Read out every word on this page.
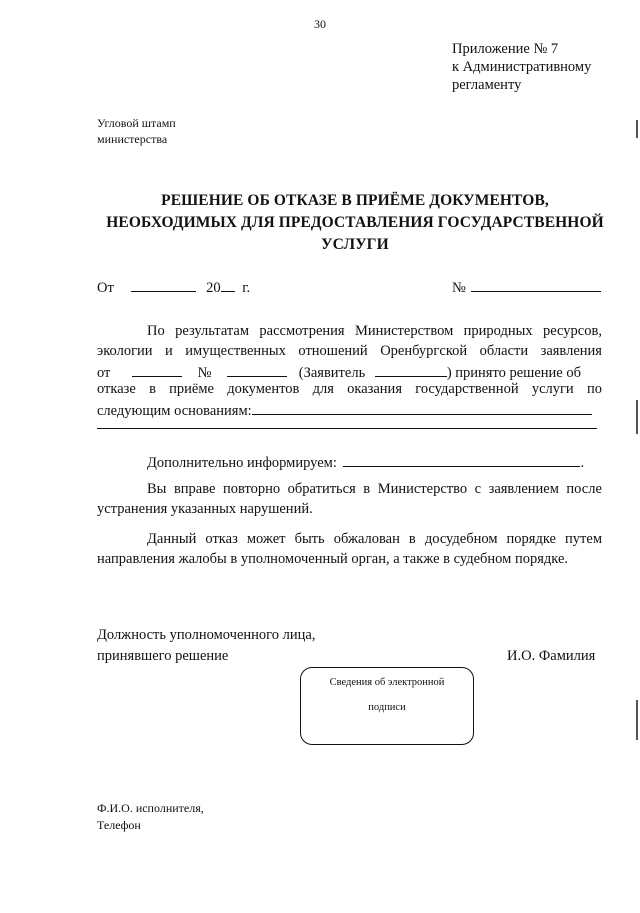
30
Приложение № 7
к Административному
регламенту
Угловой штамп
министерства
РЕШЕНИЕ ОБ ОТКАЗЕ В ПРИЁМЕ ДОКУМЕНТОВ,
НЕОБХОДИМЫХ ДЛЯ ПРЕДОСТАВЛЕНИЯ ГОСУДАРСТВЕННОЙ
УСЛУГИ
От	20 г.	№
По результатам рассмотрения Министерством природных ресурсов,
экологии и имущественных отношений Оренбургской области заявления
от	№	(Заявитель	) принято решение об
отказе в приёме документов для оказания государственной услуги по
следующим основаниям:
Дополнительно информируем:	.
Вы вправе повторно обратиться в Министерство с заявлением после
устранения указанных нарушений.
Данный отказ может быть обжалован в досудебном порядке путем
направления жалобы в уполномоченный орган, а также в судебном порядке.
Должность уполномоченного лица,
принявшего решение	И.О. Фамилия
Сведения об электронной
подписи
Ф.И.О. исполнителя,
Телефон
